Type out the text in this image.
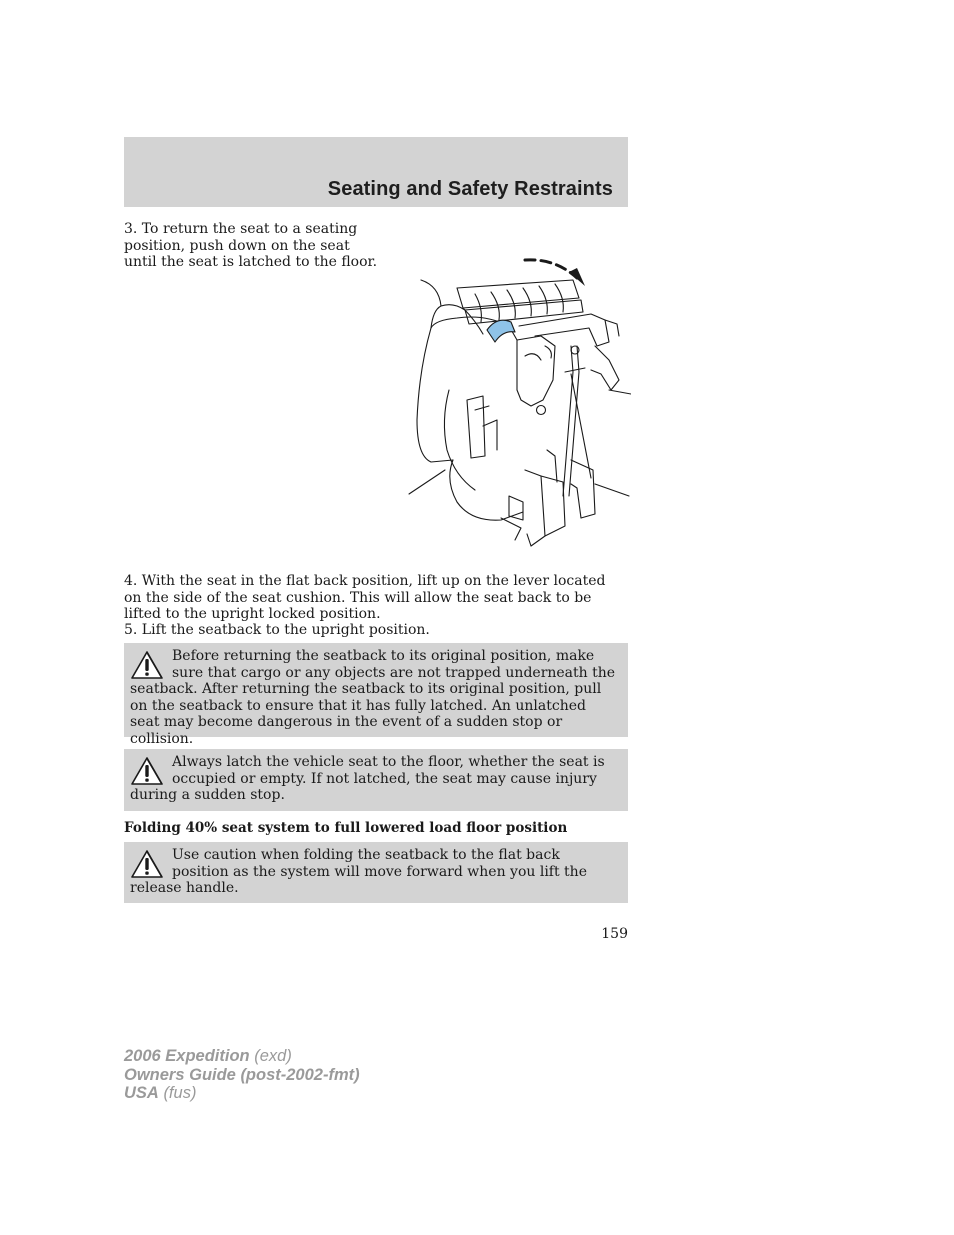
Seating and Safety Restraints

3. To return the seat to a seating position, push down on the seat until the seat is latched to the floor.

4. With the seat in the flat back position, lift up on the lever located on the side of the seat cushion. This will allow the seat back to be lifted to the upright locked position.

5. Lift the seatback to the upright position.

Before returning the seatback to its original position, make sure that cargo or any objects are not trapped underneath the seatback. After returning the seatback to its original position, pull on the seatback to ensure that it has fully latched. An unlatched seat may become dangerous in the event of a sudden stop or collision.

Always latch the vehicle seat to the floor, whether the seat is occupied or empty. If not latched, the seat may cause injury during a sudden stop.

Folding 40% seat system to full lowered load floor position

Use caution when folding the seatback to the flat back position as the system will move forward when you lift the release handle.

159
2006 Expedition (exd)
Owners Guide (post-2002-fmt)
USA (fus)
